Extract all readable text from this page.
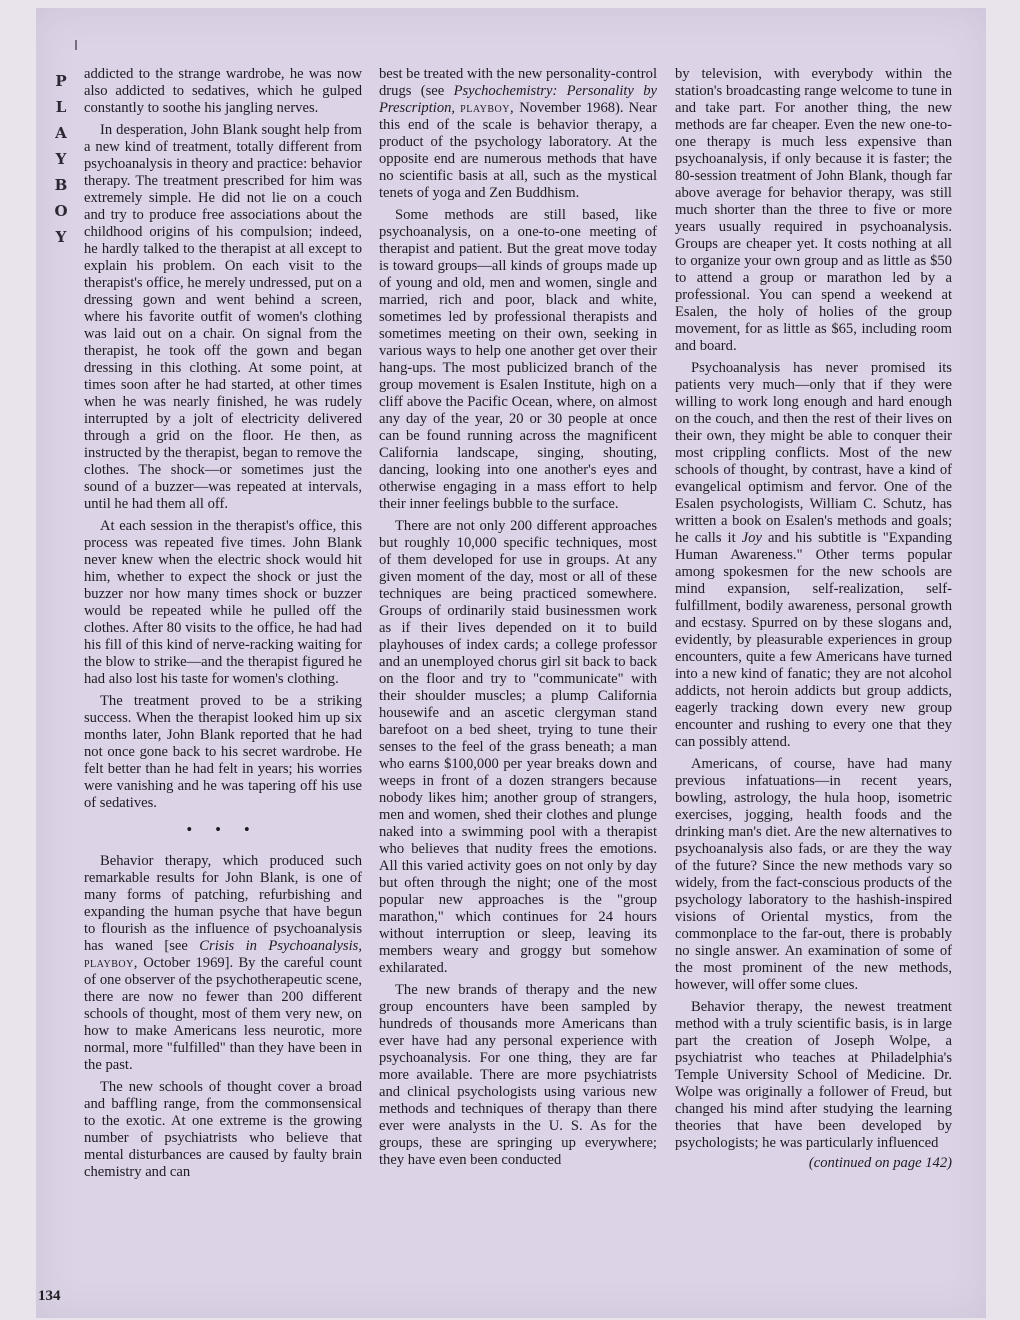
P
L
A
Y
B
O
Y

addicted to the strange wardrobe, he was now also addicted to sedatives, which he gulped constantly to soothe his jangling nerves.

In desperation, John Blank sought help from a new kind of treatment, totally different from psychoanalysis in theory and practice: behavior therapy. The treatment prescribed for him was extremely simple. He did not lie on a couch and try to produce free associations about the childhood origins of his compulsion; indeed, he hardly talked to the therapist at all except to explain his problem. On each visit to the therapist's office, he merely undressed, put on a dressing gown and went behind a screen, where his favorite outfit of women's clothing was laid out on a chair. On signal from the therapist, he took off the gown and began dressing in this clothing. At some point, at times soon after he had started, at other times when he was nearly finished, he was rudely interrupted by a jolt of electricity delivered through a grid on the floor. He then, as instructed by the therapist, began to remove the clothes. The shock—or sometimes just the sound of a buzzer—was repeated at intervals, until he had them all off.

At each session in the therapist's office, this process was repeated five times. John Blank never knew when the electric shock would hit him, whether to expect the shock or just the buzzer nor how many times shock or buzzer would be repeated while he pulled off the clothes. After 80 visits to the office, he had had his fill of this kind of nerve-racking waiting for the blow to strike—and the therapist figured he had also lost his taste for women's clothing.

The treatment proved to be a striking success. When the therapist looked him up six months later, John Blank reported that he had not once gone back to his secret wardrobe. He felt better than he had felt in years; his worries were vanishing and he was tapering off his use of sedatives.

• • •

Behavior therapy, which produced such remarkable results for John Blank, is one of many forms of patching, refurbishing and expanding the human psyche that have begun to flourish as the influence of psychoanalysis has waned [see Crisis in Psychoanalysis, playboy, October 1969]. By the careful count of one observer of the psychotherapeutic scene, there are now no fewer than 200 different schools of thought, most of them very new, on how to make Americans less neurotic, more normal, more "fulfilled" than they have been in the past.

The new schools of thought cover a broad and baffling range, from the commonsensical to the exotic. At one extreme is the growing number of psychiatrists who believe that mental disturbances are caused by faulty brain chemistry and can

best be treated with the new personality-control drugs (see Psychochemistry: Personality by Prescription, playboy, November 1968). Near this end of the scale is behavior therapy, a product of the psychology laboratory. At the opposite end are numerous methods that have no scientific basis at all, such as the mystical tenets of yoga and Zen Buddhism.

Some methods are still based, like psychoanalysis, on a one-to-one meeting of therapist and patient. But the great move today is toward groups—all kinds of groups made up of young and old, men and women, single and married, rich and poor, black and white, sometimes led by professional therapists and sometimes meeting on their own, seeking in various ways to help one another get over their hang-ups. The most publicized branch of the group movement is Esalen Institute, high on a cliff above the Pacific Ocean, where, on almost any day of the year, 20 or 30 people at once can be found running across the magnificent California landscape, singing, shouting, dancing, looking into one another's eyes and otherwise engaging in a mass effort to help their inner feelings bubble to the surface.

There are not only 200 different approaches but roughly 10,000 specific techniques, most of them developed for use in groups. At any given moment of the day, most or all of these techniques are being practiced somewhere. Groups of ordinarily staid businessmen work as if their lives depended on it to build playhouses of index cards; a college professor and an unemployed chorus girl sit back to back on the floor and try to "communicate" with their shoulder muscles; a plump California housewife and an ascetic clergyman stand barefoot on a bed sheet, trying to tune their senses to the feel of the grass beneath; a man who earns $100,000 per year breaks down and weeps in front of a dozen strangers because nobody likes him; another group of strangers, men and women, shed their clothes and plunge naked into a swimming pool with a therapist who believes that nudity frees the emotions. All this varied activity goes on not only by day but often through the night; one of the most popular new approaches is the "group marathon," which continues for 24 hours without interruption or sleep, leaving its members weary and groggy but somehow exhilarated.

The new brands of therapy and the new group encounters have been sampled by hundreds of thousands more Americans than ever have had any personal experience with psychoanalysis. For one thing, they are far more available. There are more psychiatrists and clinical psychologists using various new methods and techniques of therapy than there ever were analysts in the U. S. As for the groups, these are springing up everywhere; they have even been conducted

by television, with everybody within the station's broadcasting range welcome to tune in and take part. For another thing, the new methods are far cheaper. Even the new one-to-one therapy is much less expensive than psychoanalysis, if only because it is faster; the 80-session treatment of John Blank, though far above average for behavior therapy, was still much shorter than the three to five or more years usually required in psychoanalysis. Groups are cheaper yet. It costs nothing at all to organize your own group and as little as $50 to attend a group or marathon led by a professional. You can spend a weekend at Esalen, the holy of holies of the group movement, for as little as $65, including room and board.

Psychoanalysis has never promised its patients very much—only that if they were willing to work long enough and hard enough on the couch, and then the rest of their lives on their own, they might be able to conquer their most crippling conflicts. Most of the new schools of thought, by contrast, have a kind of evangelical optimism and fervor. One of the Esalen psychologists, William C. Schutz, has written a book on Esalen's methods and goals; he calls it Joy and his subtitle is "Expanding Human Awareness." Other terms popular among spokesmen for the new schools are mind expansion, self-realization, self-fulfillment, bodily awareness, personal growth and ecstasy. Spurred on by these slogans and, evidently, by pleasurable experiences in group encounters, quite a few Americans have turned into a new kind of fanatic; they are not alcohol addicts, not heroin addicts but group addicts, eagerly tracking down every new group encounter and rushing to every one that they can possibly attend.

Americans, of course, have had many previous infatuations—in recent years, bowling, astrology, the hula hoop, isometric exercises, jogging, health foods and the drinking man's diet. Are the new alternatives to psychoanalysis also fads, or are they the way of the future? Since the new methods vary so widely, from the fact-conscious products of the psychology laboratory to the hashish-inspired visions of Oriental mystics, from the commonplace to the far-out, there is probably no single answer. An examination of some of the most prominent of the new methods, however, will offer some clues.

Behavior therapy, the newest treatment method with a truly scientific basis, is in large part the creation of Joseph Wolpe, a psychiatrist who teaches at Philadelphia's Temple University School of Medicine. Dr. Wolpe was originally a follower of Freud, but changed his mind after studying the learning theories that have been developed by psychologists; he was particularly influenced

(continued on page 142)
134
